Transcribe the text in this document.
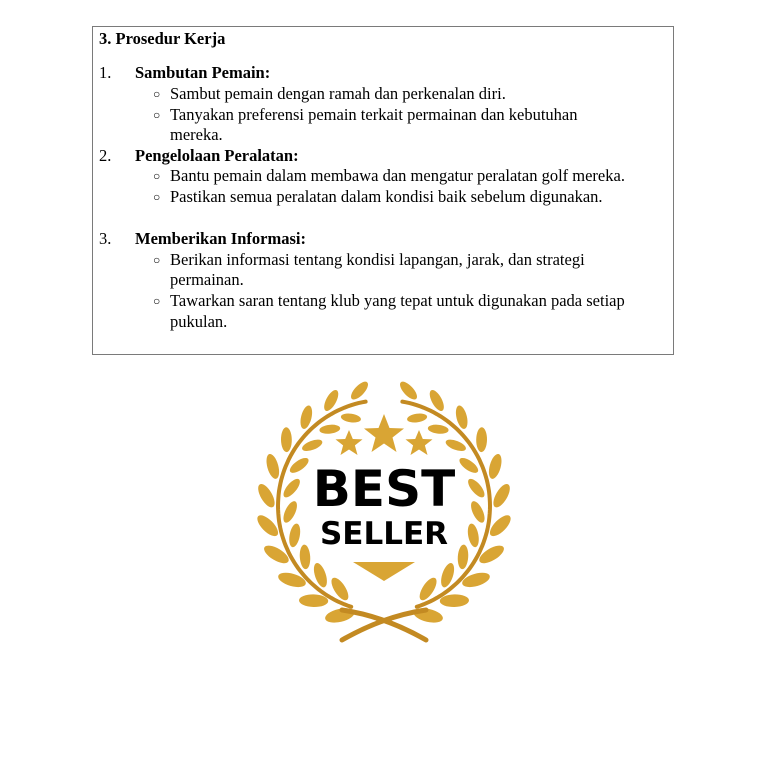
3. Prosedur Kerja
1. Sambutan Pemain:
○ Sambut pemain dengan ramah dan perkenalan diri.
○ Tanyakan preferensi pemain terkait permainan dan kebutuhan
mereka.
2. Pengelolaan Peralatan:
○ Bantu pemain dalam membawa dan mengatur peralatan golf mereka.
○ Pastikan semua peralatan dalam kondisi baik sebelum digunakan.
3. Memberikan Informasi:
○ Berikan informasi tentang kondisi lapangan, jarak, dan strategi
permainan.
○ Tawarkan saran tentang klub yang tepat untuk digunakan pada setiap
pukulan.
BEST
SELLER
